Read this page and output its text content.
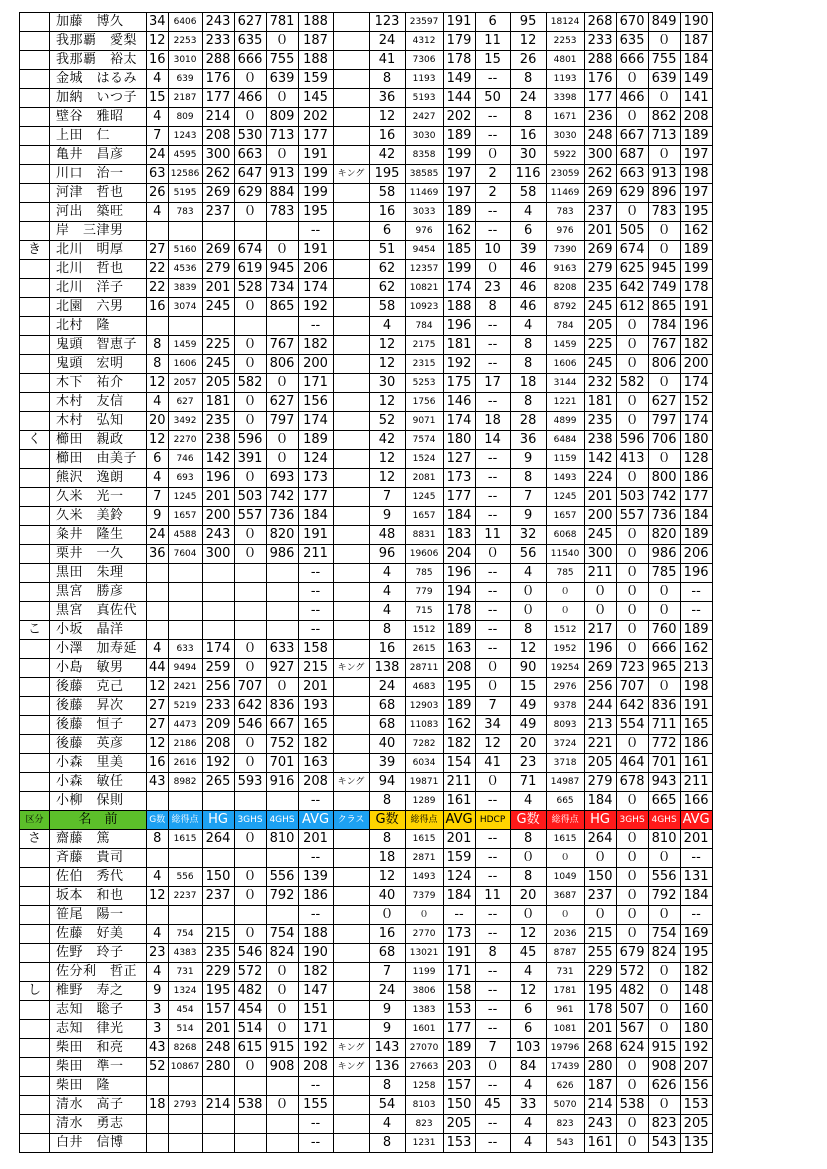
	加藤　博久	34	6406	243	627	781	188		123	23597	191	6	95	18124	268	670	849	190
	我那覇　愛梨	12	2253	233	635	０	187		24	4312	179	11	12	2253	233	635	０	187
	我那覇　裕太	16	3010	288	666	755	188		41	7306	178	15	26	4801	288	666	755	184
	金城　はるみ	4	639	176	０	639	159		8	1193	149	--	8	1193	176	０	639	149
	加納　いつ子	15	2187	177	466	０	145		36	5193	144	50	24	3398	177	466	０	141
	壁谷　雅昭	4	809	214	０	809	202		12	2427	202	--	8	1671	236	０	862	208
	上田　仁	7	1243	208	530	713	177		16	3030	189	--	16	3030	248	667	713	189
	亀井　昌彦	24	4595	300	663	０	191		42	8358	199	０	30	5922	300	687	０	197
	川口　治一	63	12586	262	647	913	199	キング	195	38585	197	2	116	23059	262	663	913	198
	河津　哲也	26	5195	269	629	884	199		58	11469	197	2	58	11469	269	629	896	197
	河出　築旺	4	783	237	０	783	195		16	3033	189	--	4	783	237	０	783	195
	岸　三津男						--		6	976	162	--	6	976	201	505	０	162
き	北川　明厚	27	5160	269	674	０	191		51	9454	185	10	39	7390	269	674	０	189
	北川　哲也	22	4536	279	619	945	206		62	12357	199	０	46	9163	279	625	945	199
	北川　洋子	22	3839	201	528	734	174		62	10821	174	23	46	8208	235	642	749	178
	北園　六男	16	3074	245	０	865	192		58	10923	188	8	46	8792	245	612	865	191
	北村　隆						--		4	784	196	--	4	784	205	０	784	196
	鬼頭　智恵子	8	1459	225	０	767	182		12	2175	181	--	8	1459	225	０	767	182
	鬼頭　宏明	8	1606	245	０	806	200		12	2315	192	--	8	1606	245	０	806	200
	木下　祐介	12	2057	205	582	０	171		30	5253	175	17	18	3144	232	582	０	174
	木村　友信	4	627	181	０	627	156		12	1756	146	--	8	1221	181	０	627	152
	木村　弘知	20	3492	235	０	797	174		52	9071	174	18	28	4899	235	０	797	174
く	櫛田　親政	12	2270	238	596	０	189		42	7574	180	14	36	6484	238	596	706	180
	櫛田　由美子	6	746	142	391	０	124		12	1524	127	--	9	1159	142	413	０	128
	熊沢　逸朗	4	693	196	０	693	173		12	2081	173	--	8	1493	224	０	800	186
	久米　光一	7	1245	201	503	742	177		7	1245	177	--	7	1245	201	503	742	177
	久米　美鈴	9	1657	200	557	736	184		9	1657	184	--	9	1657	200	557	736	184
	粂井　隆生	24	4588	243	０	820	191		48	8831	183	11	32	6068	245	０	820	189
	栗井　一久	36	7604	300	０	986	211		96	19606	204	０	56	11540	300	０	986	206
	黒田　朱理						--		4	785	196	--	4	785	211	０	785	196
	黒宮　勝彦						--		4	779	194	--	０	０	０	０	０	--
	黒宮　真佐代						--		4	715	178	--	０	０	０	０	０	--
こ	小坂　晶洋						--		8	1512	189	--	8	1512	217	０	760	189
	小澤　加寿延	4	633	174	０	633	158		16	2615	163	--	12	1952	196	０	666	162
	小島　敏男	44	9494	259	０	927	215	キング	138	28711	208	０	90	19254	269	723	965	213
	後藤　克己	12	2421	256	707	０	201		24	4683	195	０	15	2976	256	707	０	198
	後藤　昇次	27	5219	233	642	836	193		68	12903	189	7	49	9378	244	642	836	191
	後藤　恒子	27	4473	209	546	667	165		68	11083	162	34	49	8093	213	554	711	165
	後藤　英彦	12	2186	208	０	752	182		40	7282	182	12	20	3724	221	０	772	186
	小森　里美	16	2616	192	０	701	163		39	6034	154	41	23	3718	205	464	701	161
	小森　敏任	43	8982	265	593	916	208	キング	94	19871	211	０	71	14987	279	678	943	211
	小柳　保則						--		8	1289	161	--	4	665	184	０	665	166
区分	名　前	G数	総得点	HG	3GHS	4GHS	AVG	クラス	G数	総得点	AVG	HDCP	G数	総得点	HG	3GHS	4GHS	AVG
さ	齋藤　篤	8	1615	264	０	810	201		8	1615	201	--	8	1615	264	０	810	201
	斉藤　貴司						--		18	2871	159	--	０	０	０	０	０	--
	佐伯　秀代	4	556	150	０	556	139		12	1493	124	--	8	1049	150	０	556	131
	坂本　和也	12	2237	237	０	792	186		40	7379	184	11	20	3687	237	０	792	184
	笹尾　陽一						--		０	０	--	--	０	０	０	０	０	--
	佐藤　好美	4	754	215	０	754	188		16	2770	173	--	12	2036	215	０	754	169
	佐野　玲子	23	4383	235	546	824	190		68	13021	191	8	45	8787	255	679	824	195
	佐分利　哲正	4	731	229	572	０	182		7	1199	171	--	4	731	229	572	０	182
し	椎野　寿之	9	1324	195	482	０	147		24	3806	158	--	12	1781	195	482	０	148
	志知　聡子	3	454	157	454	０	151		9	1383	153	--	6	961	178	507	０	160
	志知　律光	3	514	201	514	０	171		9	1601	177	--	6	1081	201	567	０	180
	柴田　和亮	43	8268	248	615	915	192	キング	143	27070	189	7	103	19796	268	624	915	192
	柴田　準一	52	10867	280	０	908	208	キング	136	27663	203	０	84	17439	280	０	908	207
	柴田　隆						--		8	1258	157	--	4	626	187	０	626	156
	清水　高子	18	2793	214	538	０	155		54	8103	150	45	33	5070	214	538	０	153
	清水　勇志						--		4	823	205	--	4	823	243	０	823	205
	白井　信博						--		8	1231	153	--	4	543	161	０	543	135
